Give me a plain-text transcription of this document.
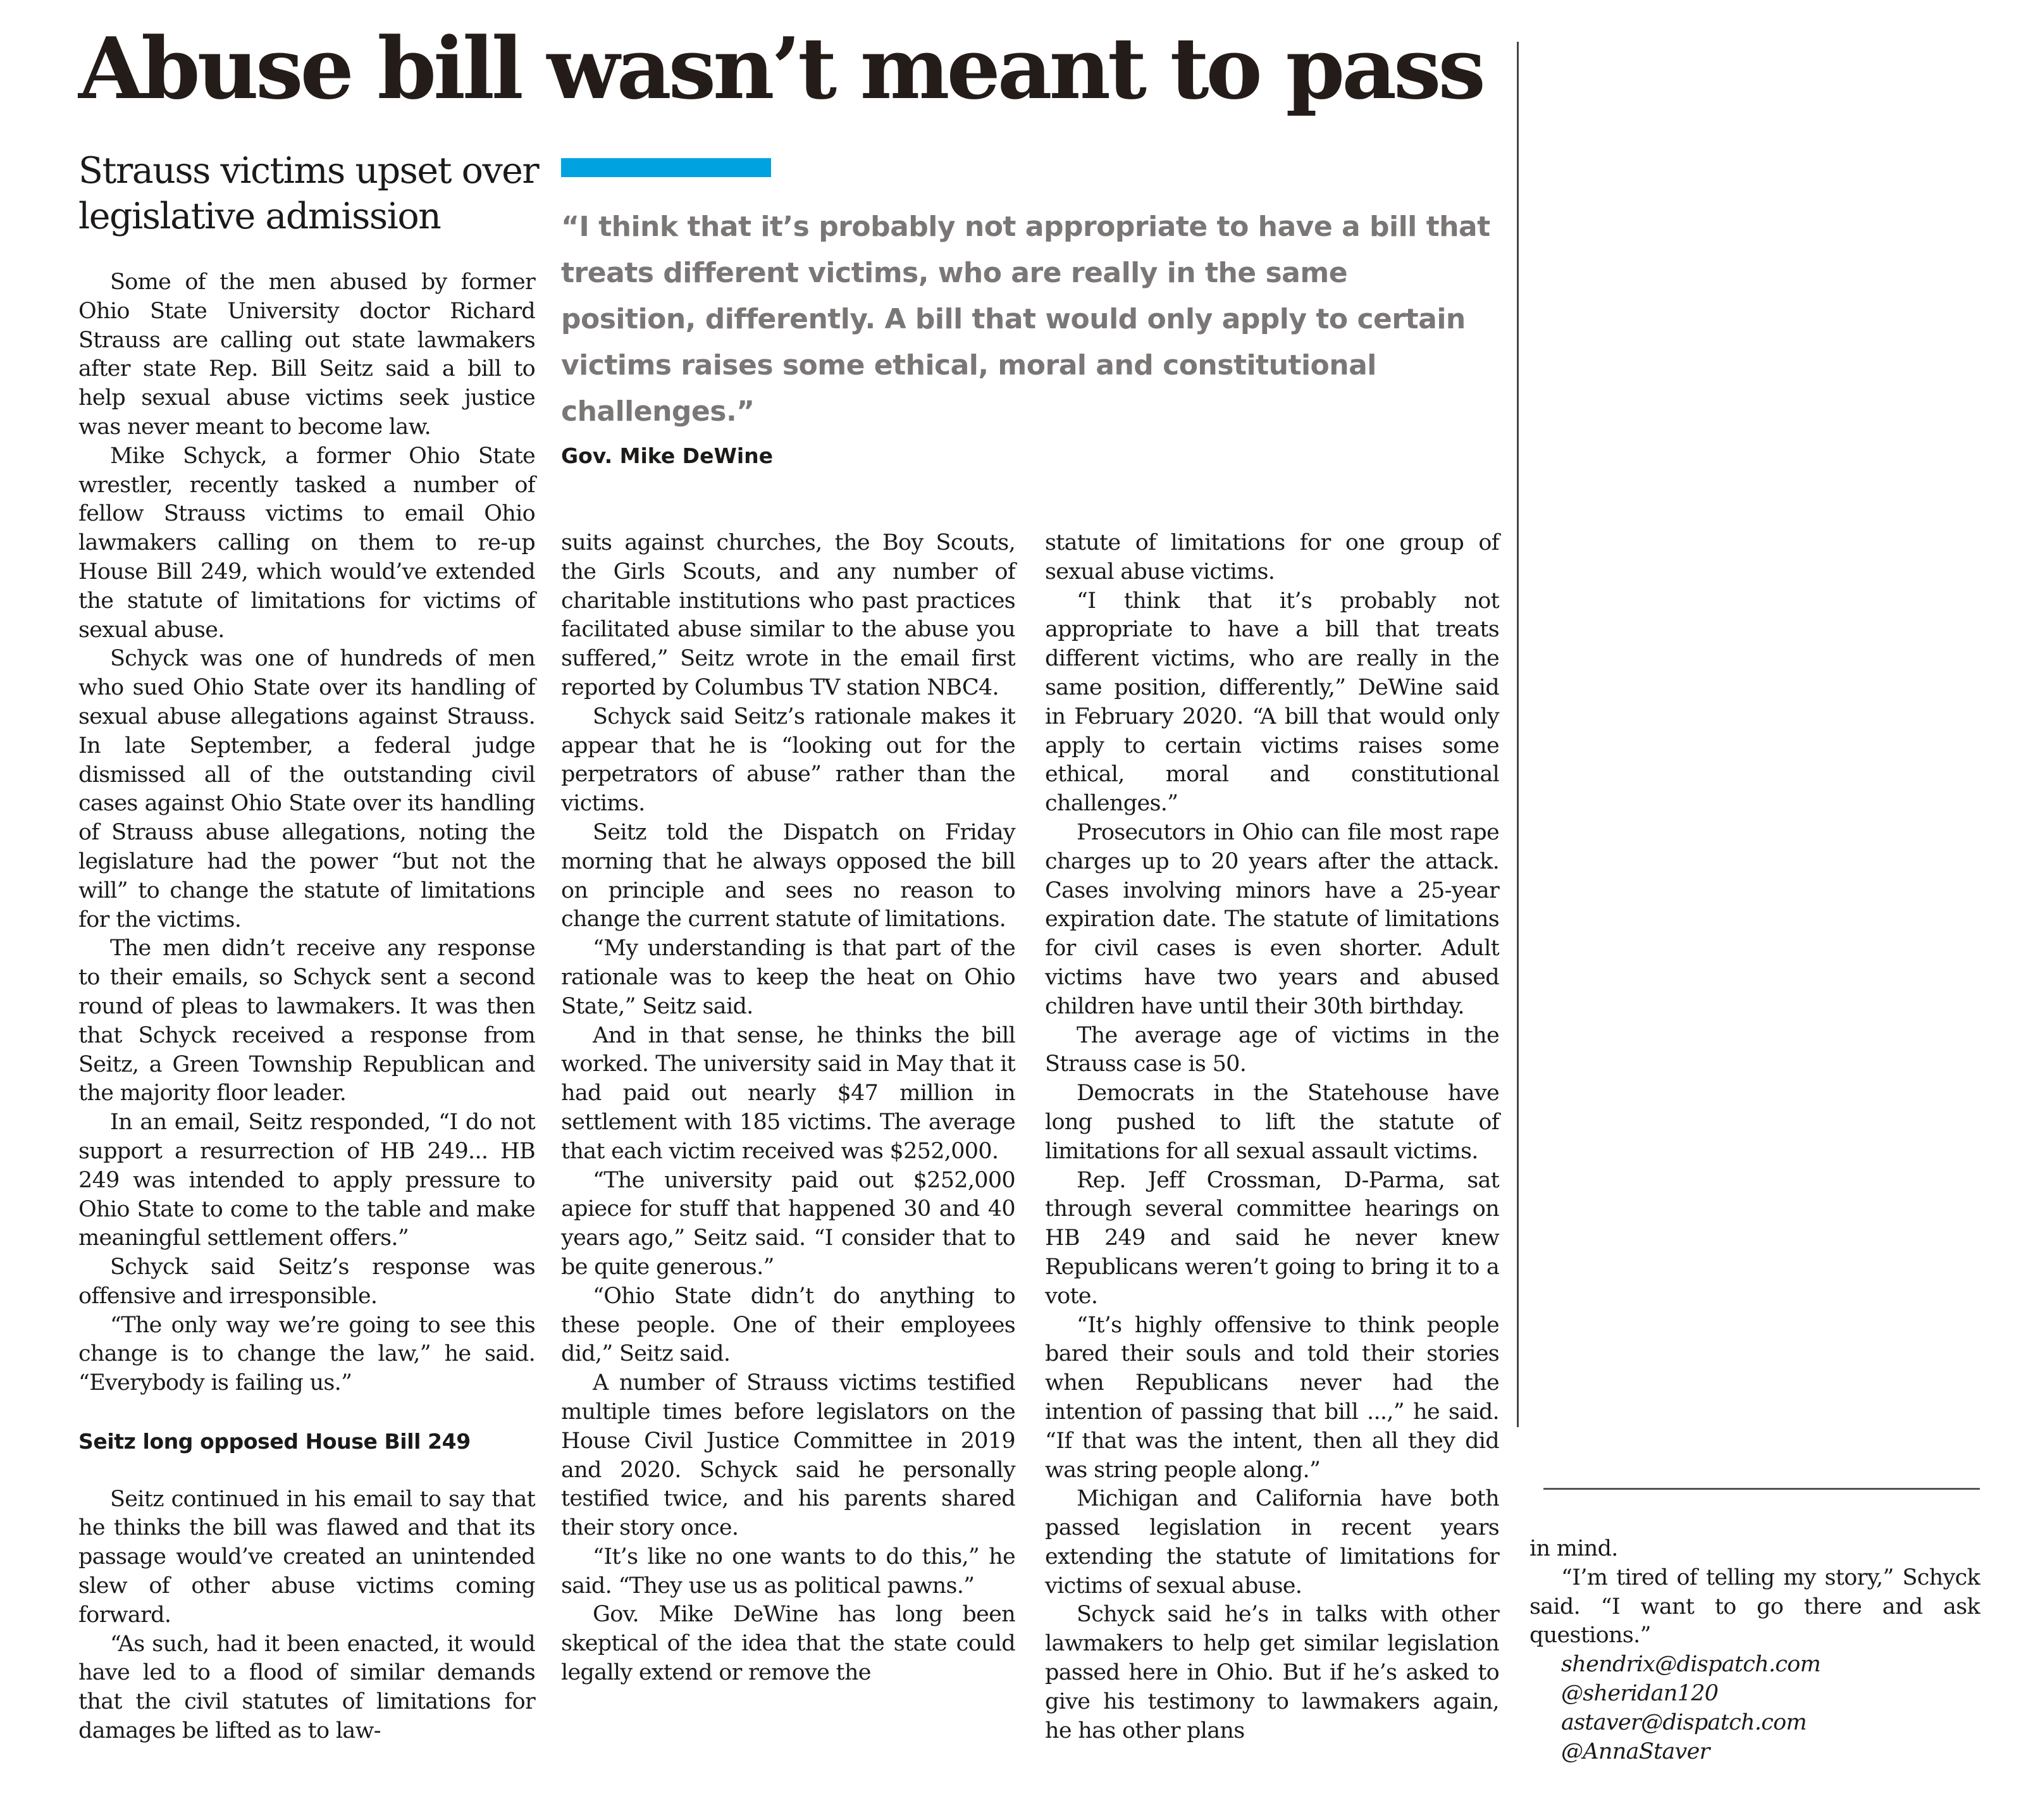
Abuse bill wasn’t meant to pass
Strauss victims upset over legislative admission	“I think that it’s probably not appropriate to have a bill that treats different victims, who are really in the same position, differently. A bill that would only apply to certain victims raises some ethical, moral and constitutional challenges.”

Gov. Mike DeWine

Some of the men abused by former Ohio State University doctor Richard Strauss are calling out state lawmakers after state Rep. Bill Seitz said a bill to help sexual abuse victims seek justice was never meant to become law.

Mike Schyck, a former Ohio State wrestler, recently tasked a number of fellow Strauss victims to email Ohio lawmakers calling on them to re-up House Bill 249, which would’ve extended the statute of limitations for victims of sexual abuse.

Schyck was one of hundreds of men who sued Ohio State over its handling of sexual abuse allegations against Strauss. In late September, a federal judge dismissed all of the outstanding civil cases against Ohio State over its handling of Strauss abuse allegations, noting the legislature had the power “but not the will” to change the statute of limitations for the victims.

The men didn’t receive any response to their emails, so Schyck sent a second round of pleas to lawmakers. It was then that Schyck received a response from Seitz, a Green Township Republican and the majority floor leader.

In an email, Seitz responded, “I do not support a resurrection of HB 249... HB 249 was intended to apply pressure to Ohio State to come to the table and make meaningful settlement offers.”

Schyck said Seitz’s response was offensive and irresponsible.

“The only way we’re going to see this change is to change the law,” he said. “Everybody is failing us.”

Seitz long opposed House Bill 249

Seitz continued in his email to say that he thinks the bill was flawed and that its passage would’ve created an unintended slew of other abuse victims coming forward.

“As such, had it been enacted, it would have led to a flood of similar demands that the civil statutes of limitations for damages be lifted as to law-

suits against churches, the Boy Scouts, the Girls Scouts, and any number of charitable institutions who past practices facilitated abuse similar to the abuse you suffered,” Seitz wrote in the email first reported by Columbus TV station NBC4.

Schyck said Seitz’s rationale makes it appear that he is “looking out for the perpetrators of abuse” rather than the victims.

Seitz told the Dispatch on Friday morning that he always opposed the bill on principle and sees no reason to change the current statute of limitations.

“My understanding is that part of the rationale was to keep the heat on Ohio State,” Seitz said.

And in that sense, he thinks the bill worked. The university said in May that it had paid out nearly $47 million in settlement with 185 victims. The average that each victim received was $252,000.

“The university paid out $252,000 apiece for stuff that happened 30 and 40 years ago,” Seitz said. “I consider that to be quite generous.”

“Ohio State didn’t do anything to these people. One of their employees did,” Seitz said.

A number of Strauss victims testified multiple times before legislators on the House Civil Justice Committee in 2019 and 2020. Schyck said he personally testified twice, and his parents shared their story once.

“It’s like no one wants to do this,” he said. “They use us as political pawns.”

Gov. Mike DeWine has long been skeptical of the idea that the state could legally extend or remove the

statute of limitations for one group of sexual abuse victims.

“I think that it’s probably not appropriate to have a bill that treats different victims, who are really in the same position, differently,” DeWine said in February 2020. “A bill that would only apply to certain victims raises some ethical, moral and constitutional challenges.”

Prosecutors in Ohio can file most rape charges up to 20 years after the attack. Cases involving minors have a 25-year expiration date. The statute of limitations for civil cases is even shorter. Adult victims have two years and abused children have until their 30th birthday.

The average age of victims in the Strauss case is 50.

Democrats in the Statehouse have long pushed to lift the statute of limitations for all sexual assault victims.

Rep. Jeff Crossman, D-Parma, sat through several committee hearings on HB 249 and said he never knew Republicans weren’t going to bring it to a vote.

“It’s highly offensive to think people bared their souls and told their stories when Republicans never had the intention of passing that bill ...,” he said. “If that was the intent, then all they did was string people along.”

Michigan and California have both passed legislation in recent years extending the statute of limitations for victims of sexual abuse.

Schyck said he’s in talks with other lawmakers to help get similar legislation passed here in Ohio. But if he’s asked to give his testimony to lawmakers again, he has other plans

in mind.

“I’m tired of telling my story,” Schyck said. “I want to go there and ask questions.”

shendrix@dispatch.com

@sheridan120

astaver@dispatch.com

@AnnaStaver
